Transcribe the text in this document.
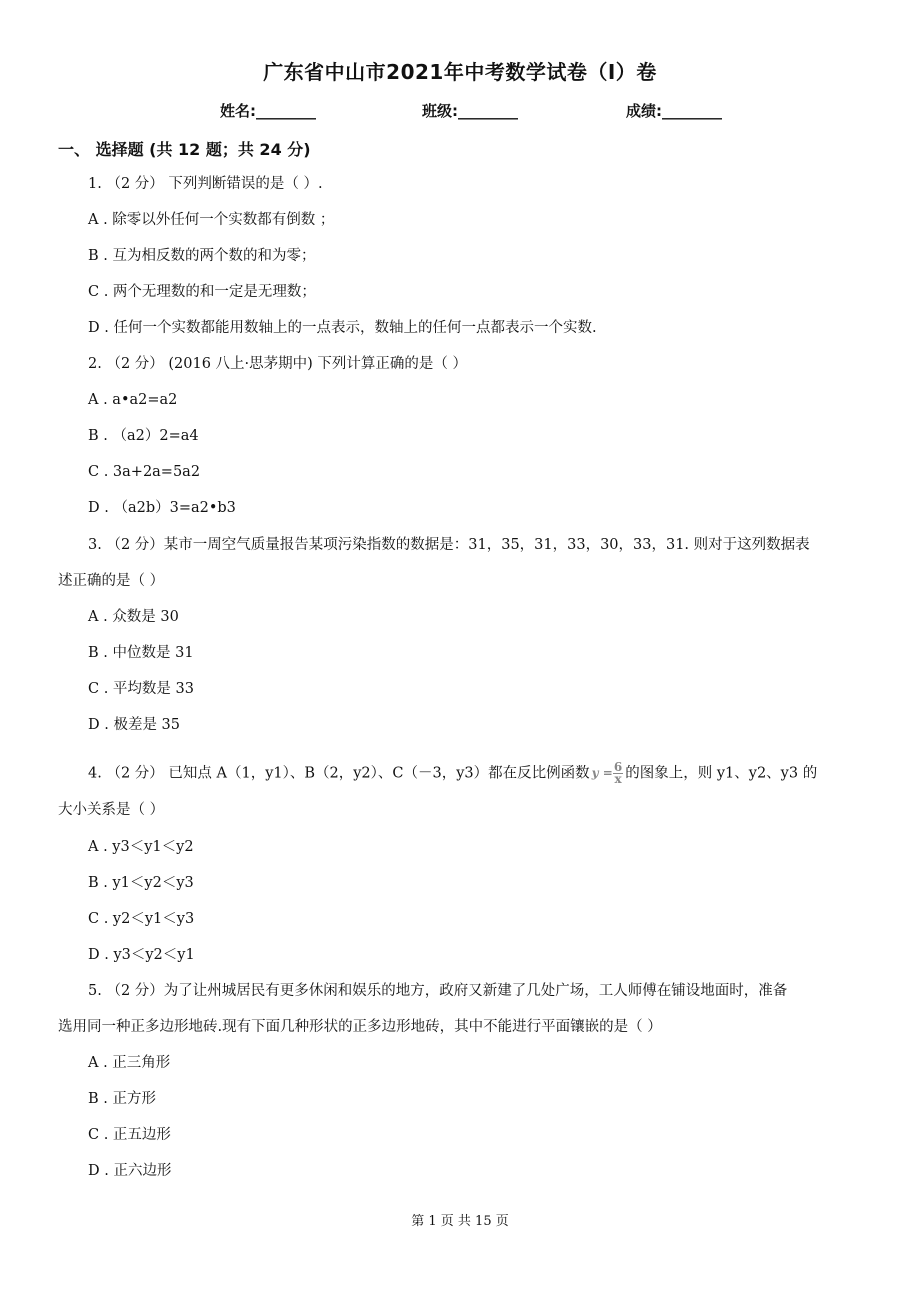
广东省中山市2021年中考数学试卷（I）卷
姓名:________	班级:________	成绩:________
一、 选择题 (共 12 题；共 24 分)
1. （2 分） 下列判断错误的是（ ）.
A . 除零以外任何一个实数都有倒数 ；
B . 互为相反数的两个数的和为零；
C . 两个无理数的和一定是无理数；
D . 任何一个实数都能用数轴上的一点表示，数轴上的任何一点都表示一个实数.
2. （2 分） (2016 八上·思茅期中) 下列计算正确的是（ ）
A . a•a2=a2
B . （a2）2=a4
C . 3a+2a=5a2
D . （a2b）3=a2•b3
3. （2 分）某市一周空气质量报告某项污染指数的数据是：31，35，31，33，30，33，31. 则对于这列数据表
述正确的是（ ）
A . 众数是 30
B . 中位数是 31
C . 平均数是 33
D . 极差是 35
4. （2 分） 已知点 A（1，y1）、B（2，y2）、C（－3，y3）都在反比例函数 $y = \frac{6}{x}$ 的图象上，则 y1、y2、y3 的
大小关系是（ ）
A . y3＜y1＜y2
B . y1＜y2＜y3
C . y2＜y1＜y3
D . y3＜y2＜y1
5. （2 分）为了让州城居民有更多休闲和娱乐的地方，政府又新建了几处广场，工人师傅在铺设地面时，准备
选用同一种正多边形地砖.现有下面几种形状的正多边形地砖，其中不能进行平面镶嵌的是（ ）
A . 正三角形
B . 正方形
C . 正五边形
D . 正六边形
第 1 页 共 15 页
